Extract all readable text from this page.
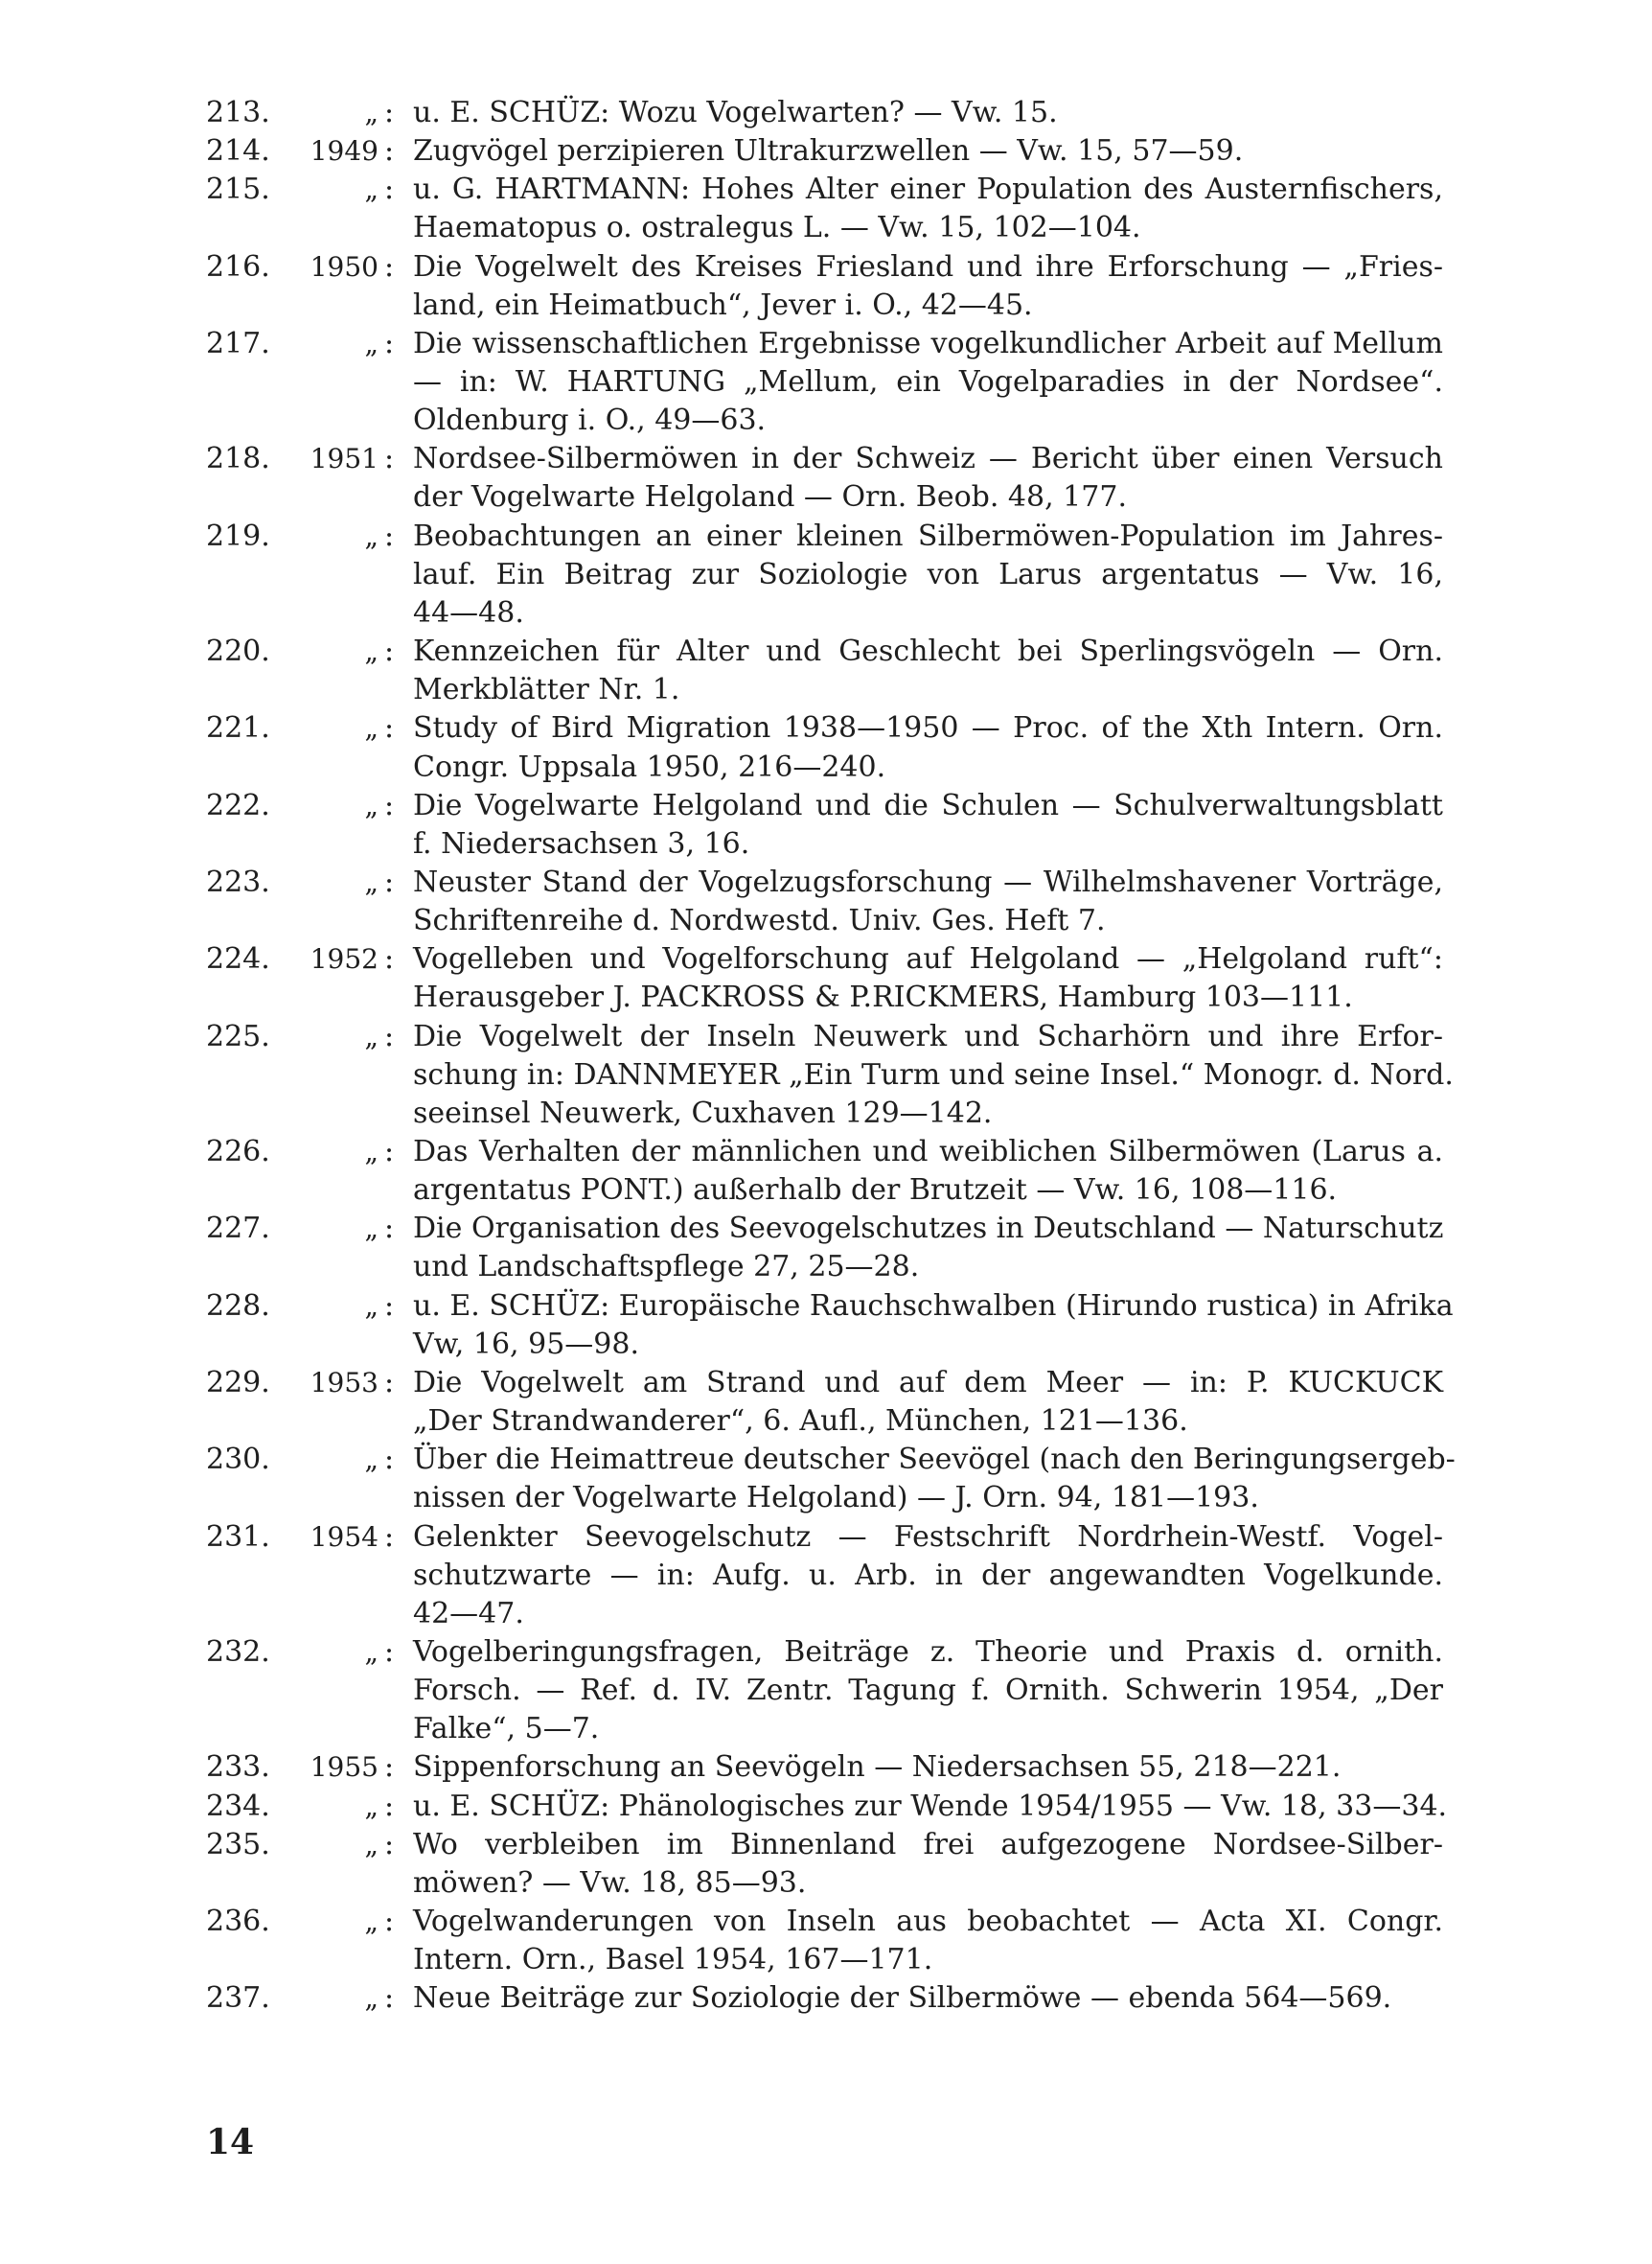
213.	„ : u. E. SCHÜZ: Wozu Vogelwarten? — Vw. 15.
214.	1949 : Zugvögel perzipieren Ultrakurzwellen — Vw. 15, 57—59.
215.	„ : u. G. HARTMANN: Hohes Alter einer Population des Austernfischers,
Haematopus o. ostralegus L. — Vw. 15, 102—104.
216.	1950 : Die Vogelwelt des Kreises Friesland und ihre Erforschung — „Fries-
land, ein Heimatbuch“, Jever i. O., 42—45.
217.	„ : Die wissenschaftlichen Ergebnisse vogelkundlicher Arbeit auf Mellum
— in: W. HARTUNG „Mellum, ein Vogelparadies in der Nordsee“.
Oldenburg i. O., 49—63.
218.	1951 : Nordsee-Silbermöwen in der Schweiz — Bericht über einen Versuch
der Vogelwarte Helgoland — Orn. Beob. 48, 177.
219.	„ : Beobachtungen an einer kleinen Silbermöwen-Population im Jahres-
lauf. Ein Beitrag zur Soziologie von Larus argentatus — Vw. 16,
44—48.
220.	„ : Kennzeichen für Alter und Geschlecht bei Sperlingsvögeln — Orn.
Merkblätter Nr. 1.
221.	„ : Study of Bird Migration 1938—1950 — Proc. of the Xth Intern. Orn.
Congr. Uppsala 1950, 216—240.
222.	„ : Die Vogelwarte Helgoland und die Schulen — Schulverwaltungsblatt
f. Niedersachsen 3, 16.
223.	„ : Neuster Stand der Vogelzugsforschung — Wilhelmshavener Vorträge,
Schriftenreihe d. Nordwestd. Univ. Ges. Heft 7.
224.	1952 : Vogelleben und Vogelforschung auf Helgoland — „Helgoland ruft“:
Herausgeber J. PACKROSS & P.RICKMERS, Hamburg 103—111.
225.	„ : Die Vogelwelt der Inseln Neuwerk und Scharhörn und ihre Erfor-
schung in: DANNMEYER „Ein Turm und seine Insel.“ Monogr. d. Nord.
seeinsel Neuwerk, Cuxhaven 129—142.
226.	„ : Das Verhalten der männlichen und weiblichen Silbermöwen (Larus a.
argentatus PONT.) außerhalb der Brutzeit — Vw. 16, 108—116.
227.	„ : Die Organisation des Seevogelschutzes in Deutschland — Naturschutz
und Landschaftspflege 27, 25—28.
228.	„ : u. E. SCHÜZ: Europäische Rauchschwalben (Hirundo rustica) in Afrika
Vw, 16, 95—98.
229.	1953 : Die Vogelwelt am Strand und auf dem Meer — in: P. KUCKUCK
„Der Strandwanderer“, 6. Aufl., München, 121—136.
230.	„ : Über die Heimattreue deutscher Seevögel (nach den Beringungsergeb-
nissen der Vogelwarte Helgoland) — J. Orn. 94, 181—193.
231.	1954 : Gelenkter Seevogelschutz — Festschrift Nordrhein-Westf. Vogel-
schutzwarte — in: Aufg. u. Arb. in der angewandten Vogelkunde.
42—47.
232.	„ : Vogelberingungsfragen, Beiträge z. Theorie und Praxis d. ornith.
Forsch. — Ref. d. IV. Zentr. Tagung f. Ornith. Schwerin 1954, „Der
Falke“, 5—7.
233.	1955 : Sippenforschung an Seevögeln — Niedersachsen 55, 218—221.
234.	„ : u. E. SCHÜZ: Phänologisches zur Wende 1954/1955 — Vw. 18, 33—34.
235.	„ : Wo verbleiben im Binnenland frei aufgezogene Nordsee-Silber-
möwen? — Vw. 18, 85—93.
236.	„ : Vogelwanderungen von Inseln aus beobachtet — Acta XI. Congr.
Intern. Orn., Basel 1954, 167—171.
237.	„ : Neue Beiträge zur Soziologie der Silbermöwe — ebenda 564—569.
14
